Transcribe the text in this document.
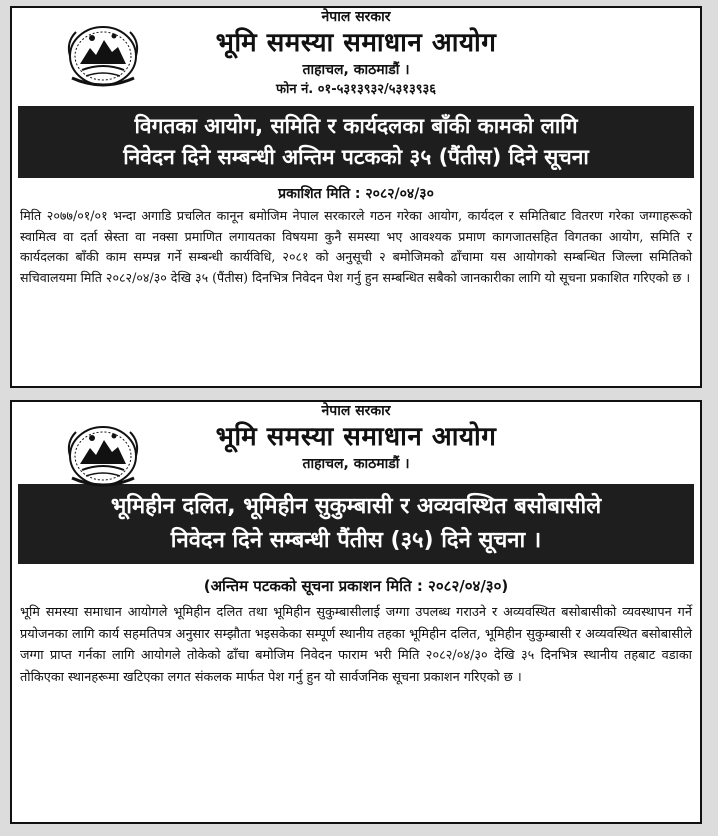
नेपाल सरकार
भूमि समस्या समाधान आयोग
ताहाचल, काठमाडौं ।
फोन नं. ०१-५३१३९३२/५३१३९३६
विगतका आयोग, समिति र कार्यदलका बाँकी कामको लागि
निवेदन दिने सम्बन्धी अन्तिम पटकको ३५ (पैंतीस) दिने सूचना
प्रकाशित मिति : २०८२/०४/३०
मिति २०७७/०१/०१ भन्दा अगाडि प्रचलित कानून बमोजिम नेपाल सरकारले गठन गरेका आयोग, कार्यदल र समितिबाट वितरण गरेका जग्गाहरूको स्वामित्व वा दर्ता स्रेस्ता वा नक्सा प्रमाणित लगायतका विषयमा कुनै समस्या भए आवश्यक प्रमाण कागजातसहित विगतका आयोग, समिति र कार्यदलका बाँकी काम सम्पन्न गर्ने सम्बन्धी कार्यविधि, २०८१ को अनुसूची २ बमोजिमको ढाँचामा यस आयोगको सम्बन्धित जिल्ला समितिको सचिवालयमा मिति २०८२/०४/३० देखि ३५ (पैंतीस) दिनभित्र निवेदन पेश गर्नु हुन सम्बन्धित सबैको जानकारीका लागि यो सूचना प्रकाशित गरिएको छ ।
नेपाल सरकार
भूमि समस्या समाधान आयोग
ताहाचल, काठमाडौं ।
भूमिहीन दलित, भूमिहीन सुकुम्बासी र अव्यवस्थित बसोबासीले
निवेदन दिने सम्बन्धी पैंतीस (३५) दिने सूचना ।
(अन्तिम पटकको सूचना प्रकाशन मिति : २०८२/०४/३०)
भूमि समस्या समाधान आयोगले भूमिहीन दलित तथा भूमिहीन सुकुम्बासीलाई जग्गा उपलब्ध गराउने र अव्यवस्थित बसोबासीको व्यवस्थापन गर्ने प्रयोजनका लागि कार्य सहमतिपत्र अनुसार सम्झौता भइसकेका सम्पूर्ण स्थानीय तहका भूमिहीन दलित, भूमिहीन सुकुम्बासी र अव्यवस्थित बसोबासीले जग्गा प्राप्त गर्नका लागि आयोगले तोकेको ढाँचा बमोजिम निवेदन फाराम भरी मिति २०८२/०४/३० देखि ३५ दिनभित्र स्थानीय तहबाट वडाका तोकिएका स्थानहरूमा खटिएका लगत संकलक मार्फत पेश गर्नु हुन यो सार्वजनिक सूचना प्रकाशन गरिएको छ ।
